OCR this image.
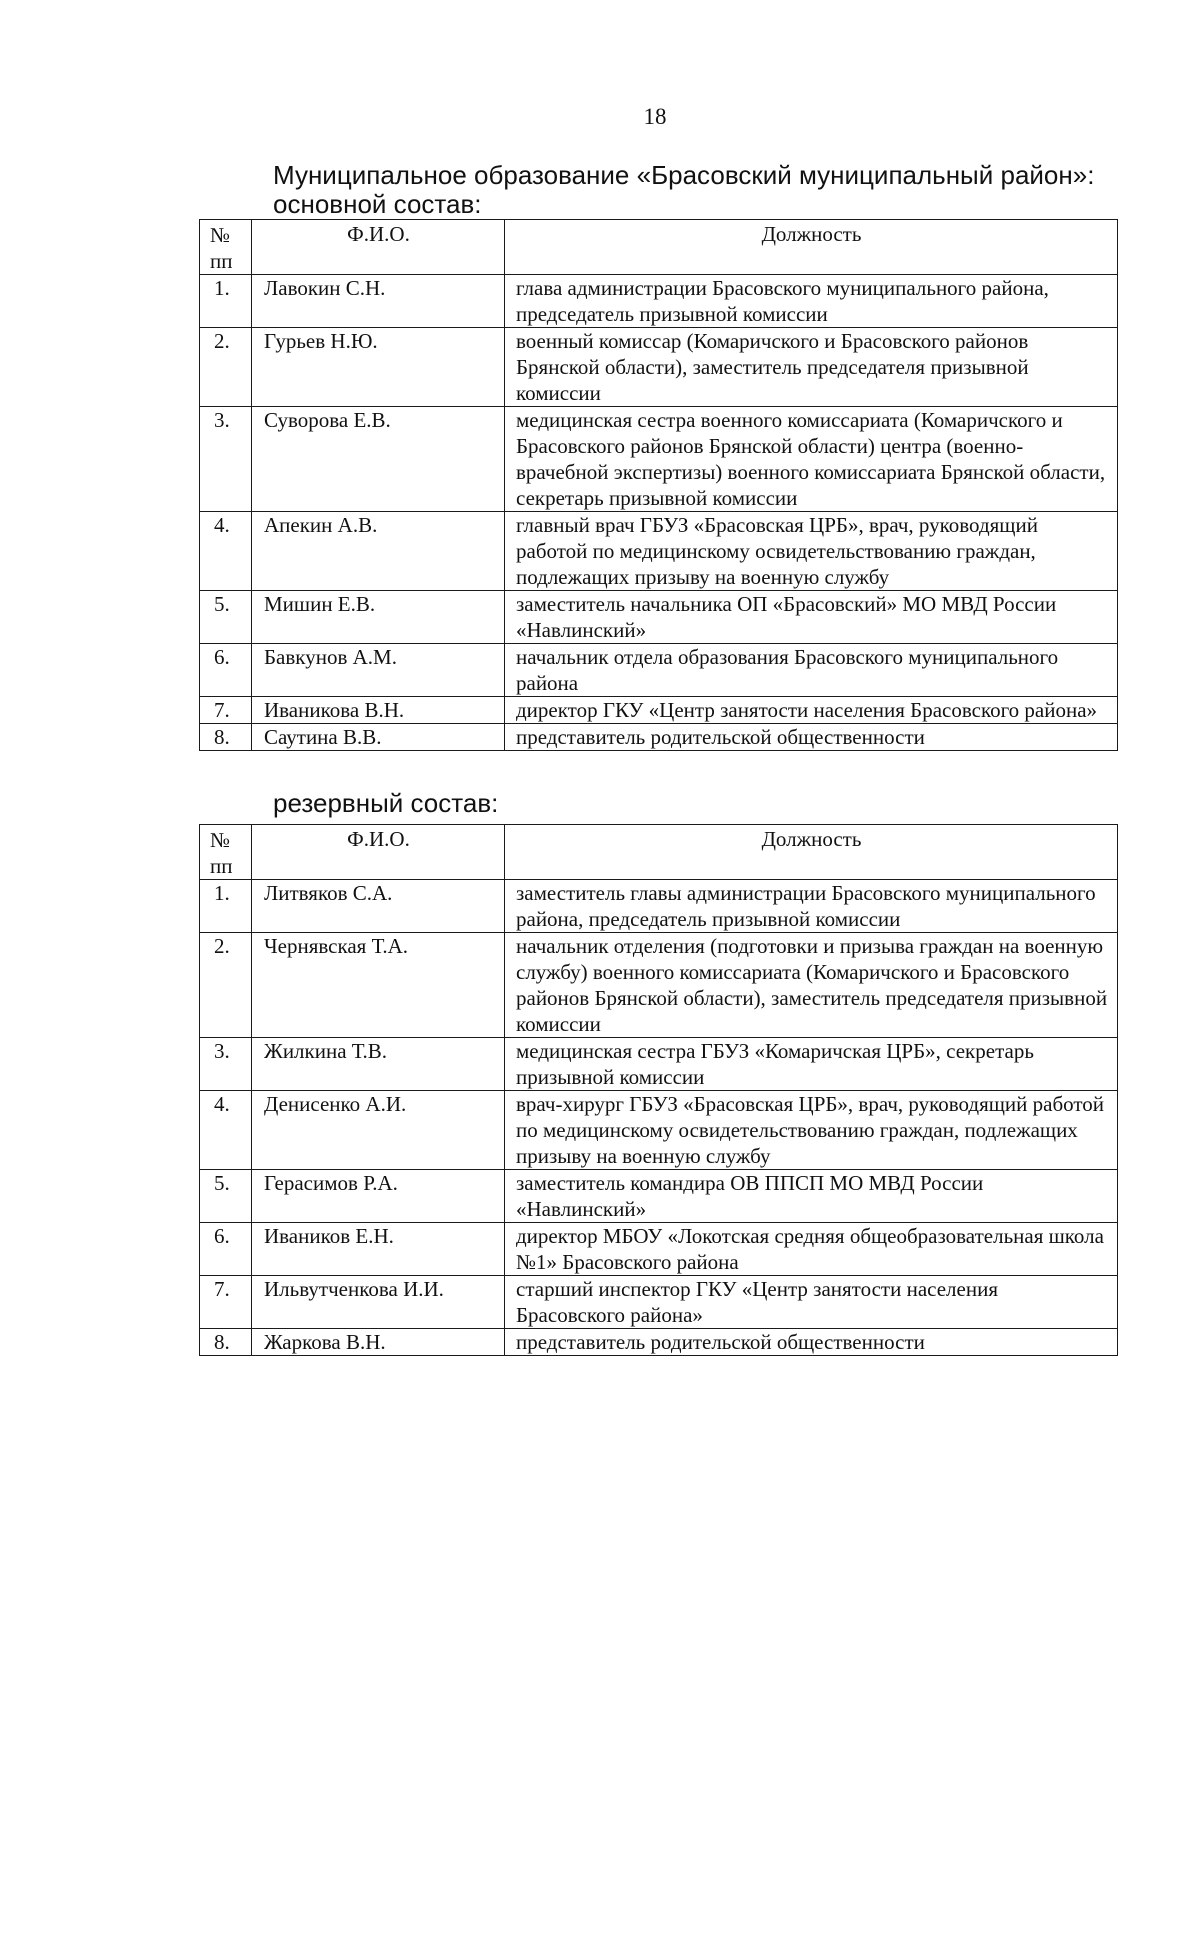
18
Муниципальное образование «Брасовский муниципальный район»:
основной состав:
№ пп	Ф.И.О.	Должность
1.	Лавокин С.Н.	глава администрации Брасовского муниципального района, председатель призывной комиссии
2.	Гурьев Н.Ю.	военный комиссар (Комаричского и Брасовского районов Брянской области), заместитель председателя призывной комиссии
3.	Суворова Е.В.	медицинская сестра военного комиссариата (Комаричского и Брасовского районов Брянской области) центра (военно-врачебной экспертизы) военного комиссариата Брянской области, секретарь призывной комиссии
4.	Апекин А.В.	главный врач ГБУЗ «Брасовская ЦРБ», врач, руководящий работой по медицинскому освидетельствованию граждан, подлежащих призыву на военную службу
5.	Мишин Е.В.	заместитель начальника ОП «Брасовский» МО МВД России «Навлинский»
6.	Бавкунов А.М.	начальник отдела образования Брасовского муниципального района
7.	Иваникова В.Н.	директор ГКУ «Центр занятости населения Брасовского района»
8.	Саутина В.В.	представитель родительской общественности
резервный состав:
№ пп	Ф.И.О.	Должность
1.	Литвяков С.А.	заместитель главы администрации Брасовского муниципального района, председатель призывной комиссии
2.	Чернявская Т.А.	начальник отделения (подготовки и призыва граждан на военную службу) военного комиссариата (Комаричского и Брасовского районов Брянской области), заместитель председателя призывной комиссии
3.	Жилкина Т.В.	медицинская сестра ГБУЗ «Комаричская ЦРБ», секретарь призывной комиссии
4.	Денисенко А.И.	врач-хирург ГБУЗ «Брасовская ЦРБ», врач, руководящий работой по медицинскому освидетельствованию граждан, подлежащих призыву на военную службу
5.	Герасимов Р.А.	заместитель командира ОВ ППСП МО МВД России «Навлинский»
6.	Иваников Е.Н.	директор МБОУ «Локотская средняя общеобразовательная школа №1» Брасовского района
7.	Ильвутченкова И.И.	старший инспектор ГКУ «Центр занятости населения Брасовского района»
8.	Жаркова В.Н.	представитель родительской общественности
